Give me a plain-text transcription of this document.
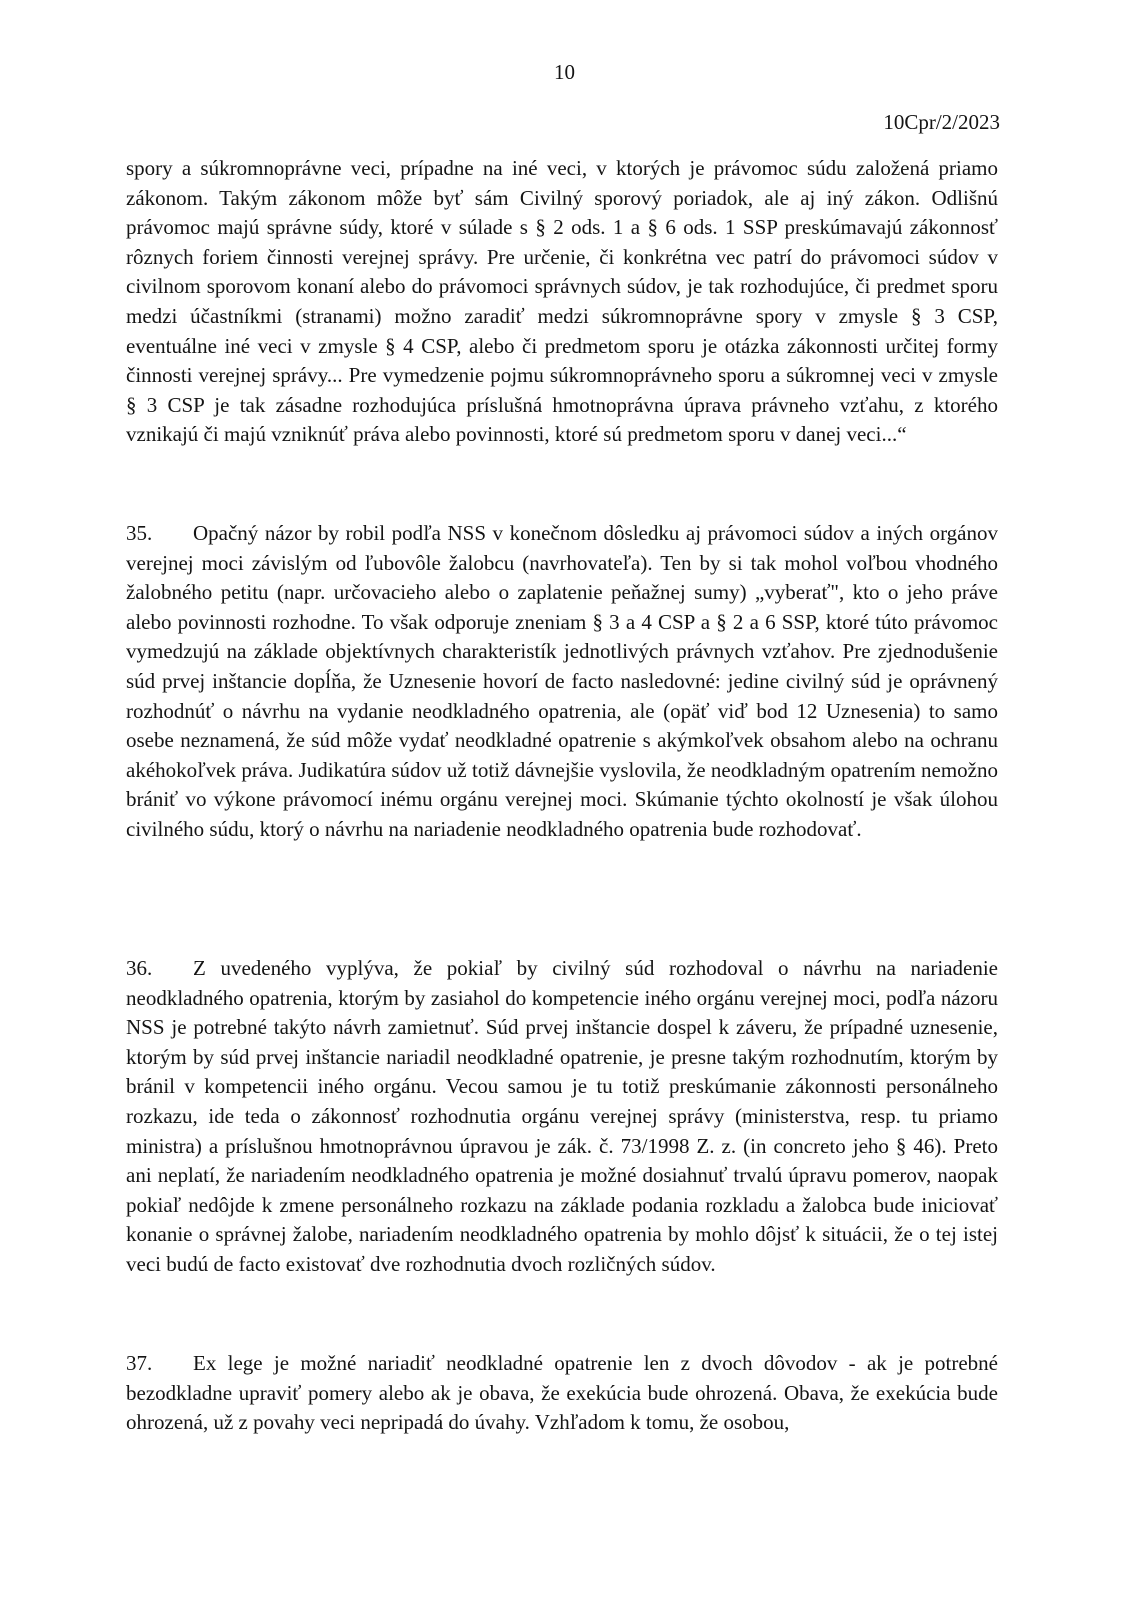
10
10Cpr/2/2023

spory a súkromnoprávne veci, prípadne na iné veci, v ktorých je právomoc súdu založená priamo zákonom. Takým zákonom môže byť sám Civilný sporový poriadok, ale aj iný zákon. Odlišnú právomoc majú správne súdy, ktoré v súlade s § 2 ods. 1 a § 6 ods. 1 SSP preskúmavajú zákonnosť rôznych foriem činnosti verejnej správy. Pre určenie, či konkrétna vec patrí do právomoci súdov v civilnom sporovom konaní alebo do právomoci správnych súdov, je tak rozhodujúce, či predmet sporu medzi účastníkmi (stranami) možno zaradiť medzi súkromnoprávne spory v zmysle § 3 CSP, eventuálne iné veci v zmysle § 4 CSP, alebo či predmetom sporu je otázka zákonnosti určitej formy činnosti verejnej správy... Pre vymedzenie pojmu súkromnoprávneho sporu a súkromnej veci v zmysle § 3 CSP je tak zásadne rozhodujúca príslušná hmotnoprávna úprava právneho vzťahu, z ktorého vznikajú či majú vzniknúť práva alebo povinnosti, ktoré sú predmetom sporu v danej veci...“

35. Opačný názor by robil podľa NSS v konečnom dôsledku aj právomoci súdov a iných orgánov verejnej moci závislým od ľubovôle žalobcu (navrhovateľa). Ten by si tak mohol voľbou vhodného žalobného petitu (napr. určovacieho alebo o zaplatenie peňažnej sumy) „vyberať", kto o jeho práve alebo povinnosti rozhodne. To však odporuje zneniam § 3 a 4 CSP a § 2 a 6 SSP, ktoré túto právomoc vymedzujú na základe objektívnych charakteristík jednotlivých právnych vzťahov. Pre zjednodušenie súd prvej inštancie dopĺňa, že Uznesenie hovorí de facto nasledovné: jedine civilný súd je oprávnený rozhodnúť o návrhu na vydanie neodkladného opatrenia, ale (opäť viď bod 12 Uznesenia) to samo osebe neznamená, že súd môže vydať neodkladné opatrenie s akýmkoľvek obsahom alebo na ochranu akéhokoľvek práva. Judikatúra súdov už totiž dávnejšie vyslovila, že neodkladným opatrením nemožno brániť vo výkone právomocí inému orgánu verejnej moci. Skúmanie týchto okolností je však úlohou civilného súdu, ktorý o návrhu na nariadenie neodkladného opatrenia bude rozhodovať.

36. Z uvedeného vyplýva, že pokiaľ by civilný súd rozhodoval o návrhu na nariadenie neodkladného opatrenia, ktorým by zasiahol do kompetencie iného orgánu verejnej moci, podľa názoru NSS je potrebné takýto návrh zamietnuť. Súd prvej inštancie dospel k záveru, že prípadné uznesenie, ktorým by súd prvej inštancie nariadil neodkladné opatrenie, je presne takým rozhodnutím, ktorým by bránil v kompetencii iného orgánu. Vecou samou je tu totiž preskúmanie zákonnosti personálneho rozkazu, ide teda o zákonnosť rozhodnutia orgánu verejnej správy (ministerstva, resp. tu priamo ministra) a príslušnou hmotnoprávnou úpravou je zák. č. 73/1998 Z. z. (in concreto jeho § 46). Preto ani neplatí, že nariadením neodkladného opatrenia je možné dosiahnuť trvalú úpravu pomerov, naopak pokiaľ nedôjde k zmene personálneho rozkazu na základe podania rozkladu a žalobca bude iniciovať konanie o správnej žalobe, nariadením neodkladného opatrenia by mohlo dôjsť k situácii, že o tej istej veci budú de facto existovať dve rozhodnutia dvoch rozličných súdov.

37. Ex lege je možné nariadiť neodkladné opatrenie len z dvoch dôvodov - ak je potrebné bezodkladne upraviť pomery alebo ak je obava, že exekúcia bude ohrozená. Obava, že exekúcia bude ohrozená, už z povahy veci nepripadá do úvahy. Vzhľadom k tomu, že osobou,
